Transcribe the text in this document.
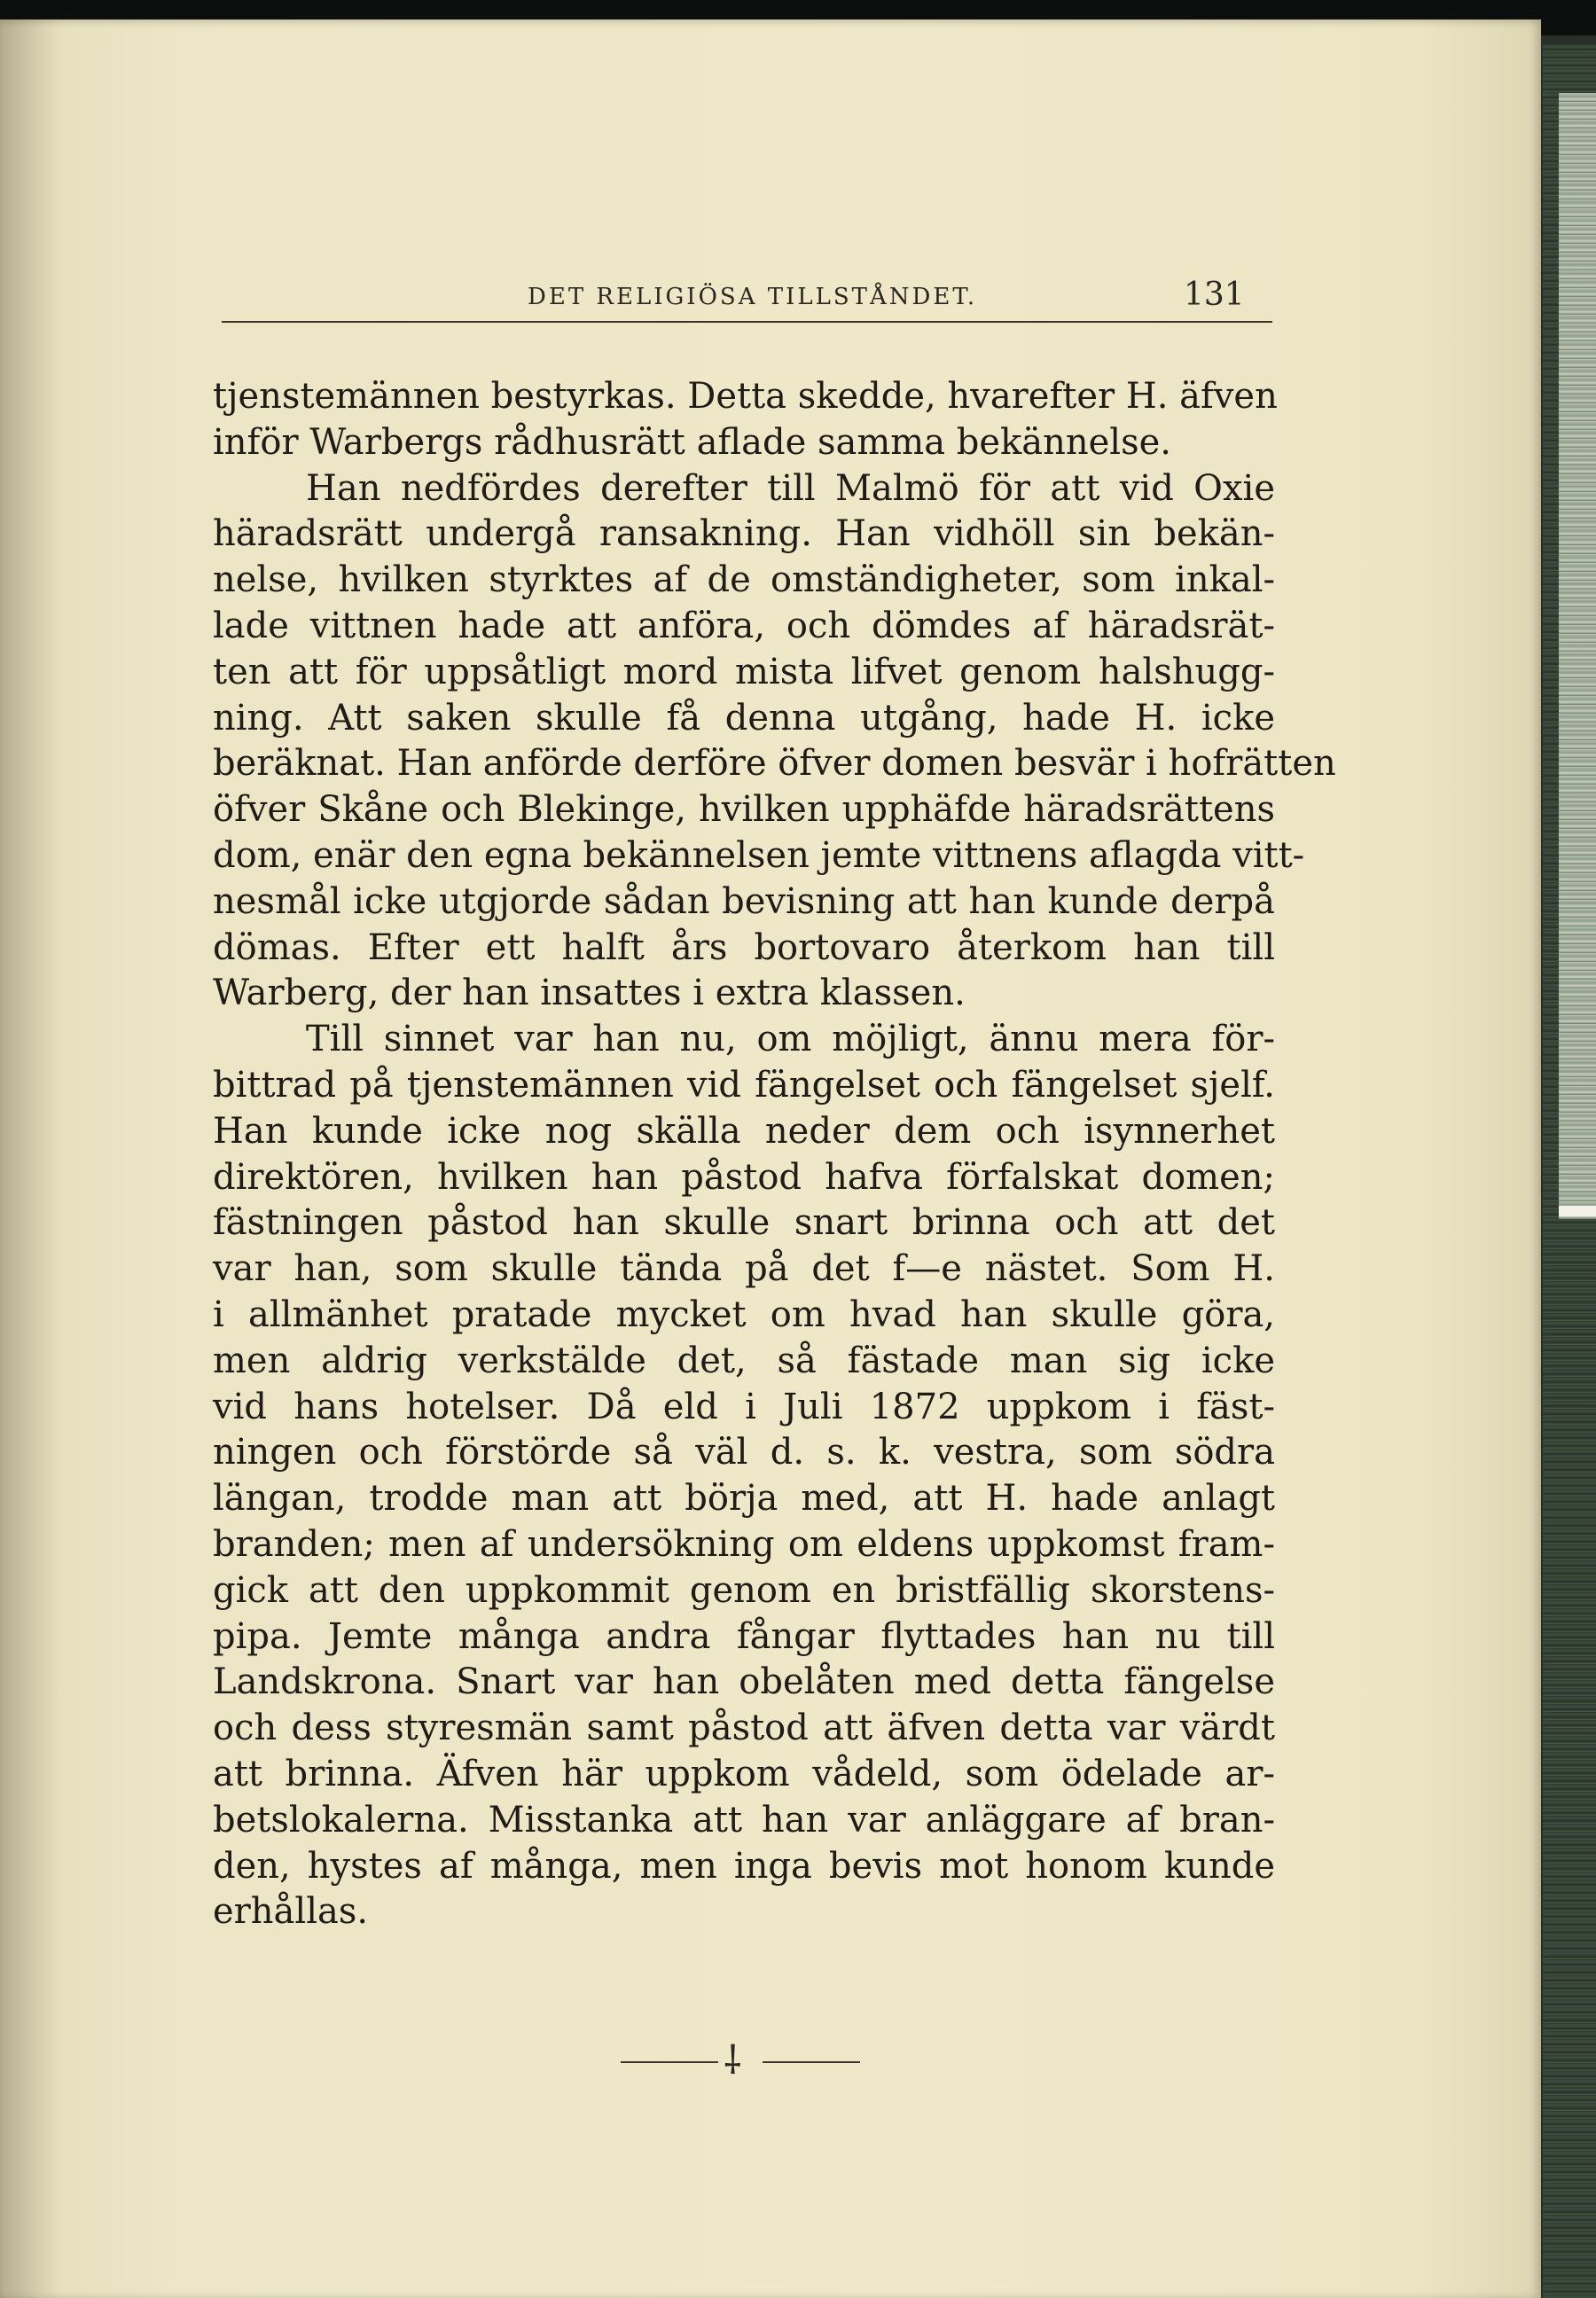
DET RELIGIÖSA TILLSTÅNDET.	131
tjenstemännen bestyrkas. Detta skedde, hvarefter H. äfven
inför Warbergs rådhusrätt aflade samma bekännelse.
Han nedfördes derefter till Malmö för att vid Oxie
häradsrätt undergå ransakning. Han vidhöll sin bekän-
nelse, hvilken styrktes af de omständigheter, som inkal-
lade vittnen hade att anföra, och dömdes af häradsrät-
ten att för uppsåtligt mord mista lifvet genom halshugg-
ning. Att saken skulle få denna utgång, hade H. icke
beräknat. Han anförde derföre öfver domen besvär i hofrätten
öfver Skåne och Blekinge, hvilken upphäfde häradsrättens
dom, enär den egna bekännelsen jemte vittnens aflagda vitt-
nesmål icke utgjorde sådan bevisning att han kunde derpå
dömas. Efter ett halft års bortovaro återkom han till
Warberg, der han insattes i extra klassen.
Till sinnet var han nu, om möjligt, ännu mera för-
bittrad på tjenstemännen vid fängelset och fängelset sjelf.
Han kunde icke nog skälla neder dem och isynnerhet
direktören, hvilken han påstod hafva förfalskat domen;
fästningen påstod han skulle snart brinna och att det
var han, som skulle tända på det f—e nästet. Som H.
i allmänhet pratade mycket om hvad han skulle göra,
men aldrig verkstälde det, så fästade man sig icke
vid hans hotelser. Då eld i Juli 1872 uppkom i fäst-
ningen och förstörde så väl d. s. k. vestra, som södra
längan, trodde man att börja med, att H. hade anlagt
branden; men af undersökning om eldens uppkomst fram-
gick att den uppkommit genom en bristfällig skorstens-
pipa. Jemte många andra fångar flyttades han nu till
Landskrona. Snart var han obelåten med detta fängelse
och dess styresmän samt påstod att äfven detta var värdt
att brinna. Äfven här uppkom vådeld, som ödelade ar-
betslokalerna. Misstanka att han var anläggare af bran-
den, hystes af många, men inga bevis mot honom kunde
erhållas.
⸸
